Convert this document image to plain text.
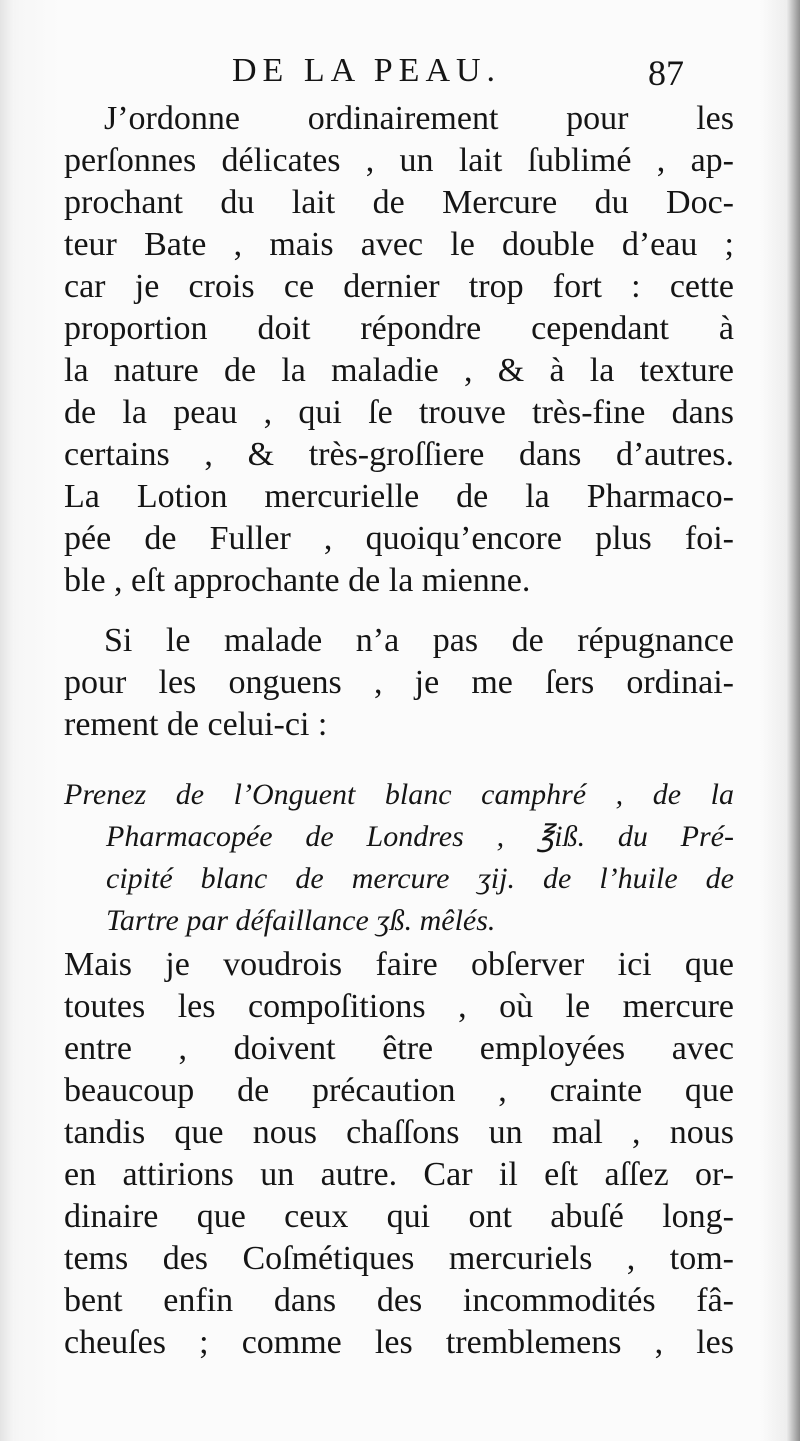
DE LA PEAU.	87
J’ordonne ordinairement pour les
perſonnes délicates , un lait ſublimé , ap-
prochant du lait de Mercure du Doc-
teur Bate , mais avec le double d’eau ;
car je crois ce dernier trop fort : cette
proportion doit répondre cependant à
la nature de la maladie , & à la texture
de la peau , qui ſe trouve très-fine dans
certains , & très-groſſiere dans d’autres.
La Lotion mercurielle de la Pharmaco-
pée de Fuller , quoiqu’encore plus foi-
ble , eſt approchante de la mienne.
Si le malade n’a pas de répugnance
pour les onguens , je me ſers ordinai-
rement de celui-ci :
Prenez de l’Onguent blanc camphré , de la
Pharmacopée de Londres , ℥iß. du Pré-
cipité blanc de mercure ʒij. de l’huile de
Tartre par défaillance ʒß. mêlés.
Mais je voudrois faire obſerver ici que
toutes les compoſitions , où le mercure
entre , doivent être employées avec
beaucoup de précaution , crainte que
tandis que nous chaſſons un mal , nous
en attirions un autre. Car il eſt aſſez or-
dinaire que ceux qui ont abuſé long-
tems des Coſmétiques mercuriels , tom-
bent enfin dans des incommodités fâ-
cheuſes ; comme les tremblemens , les
